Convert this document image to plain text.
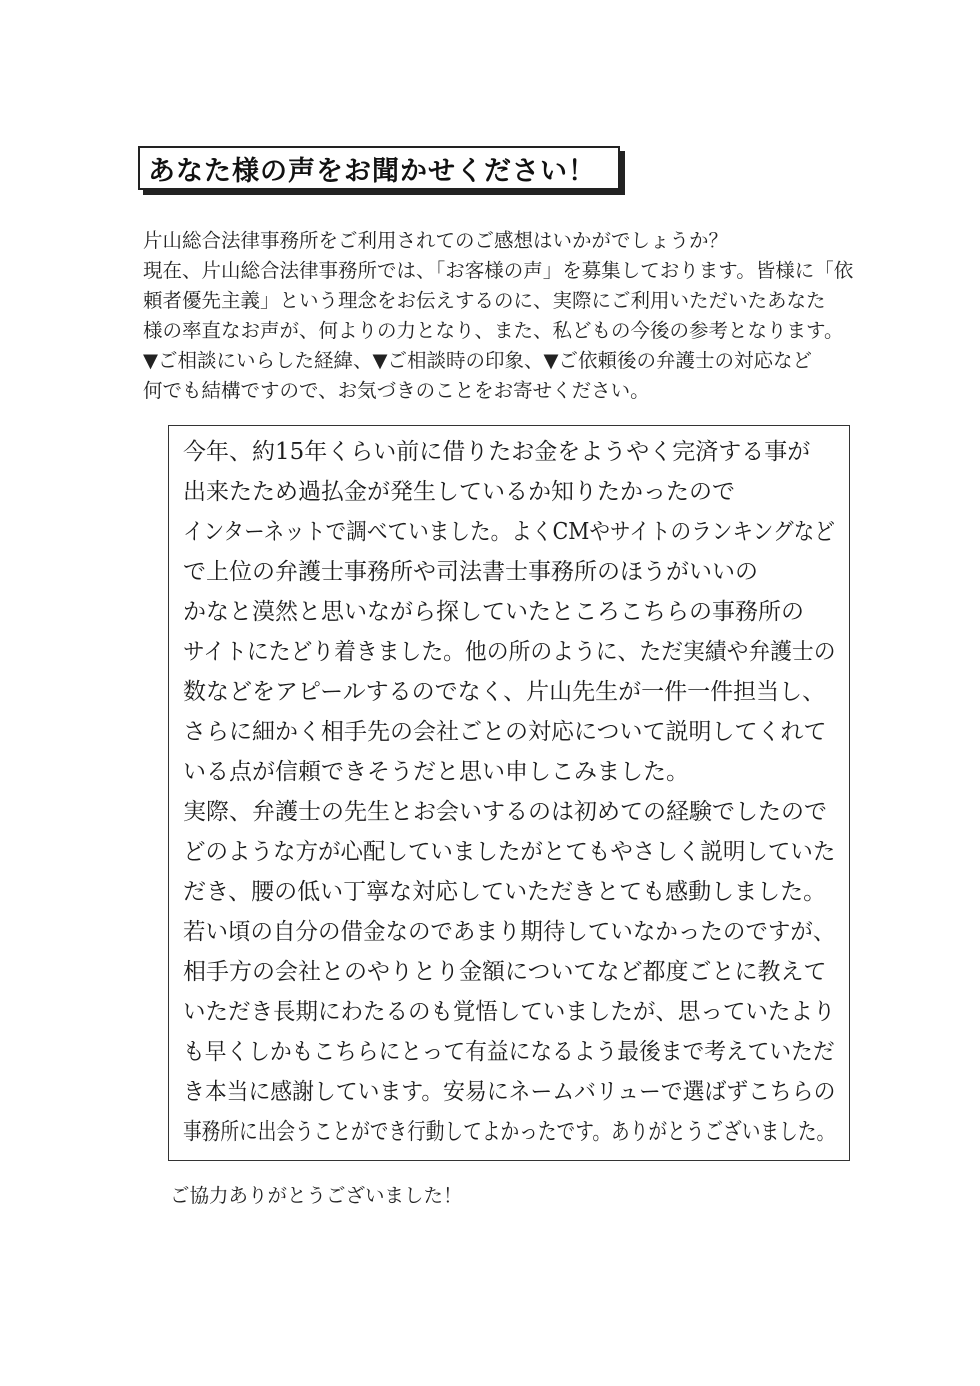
あなた様の声をお聞かせください！
片山総合法律事務所をご利用されてのご感想はいかがでしょうか？
現在、片山総合法律事務所では、「お客様の声」を募集しております。皆様に「依
頼者優先主義」という理念をお伝えするのに、実際にご利用いただいたあなた
様の率直なお声が、何よりの力となり、また、私どもの今後の参考となります。
▼ご相談にいらした経緯、▼ご相談時の印象、▼ご依頼後の弁護士の対応など
何でも結構ですので、お気づきのことをお寄せください。
今年、約15年くらい前に借りたお金をようやく完済する事が
出来たため過払金が発生しているか知りたかったので
インターネットで調べていました。よくCMやサイトのランキングなど
で上位の弁護士事務所や司法書士事務所のほうがいいの
かなと漠然と思いながら探していたところこちらの事務所の
サイトにたどり着きました。他の所のように、ただ実績や弁護士の
数などをアピールするのでなく、片山先生が一件一件担当し、
さらに細かく相手先の会社ごとの対応について説明してくれて
いる点が信頼できそうだと思い申しこみました。
実際、弁護士の先生とお会いするのは初めての経験でしたので
どのような方が心配していましたがとてもやさしく説明していた
だき、腰の低い丁寧な対応していただきとても感動しました。
若い頃の自分の借金なのであまり期待していなかったのですが、
相手方の会社とのやりとり金額についてなど都度ごとに教えて
いただき長期にわたるのも覚悟していましたが、思っていたより
も早くしかもこちらにとって有益になるよう最後まで考えていただ
き本当に感謝しています。安易にネームバリューで選ばずこちらの
事務所に出会うことができ行動してよかったです。ありがとうございました。
ご協力ありがとうございました！
